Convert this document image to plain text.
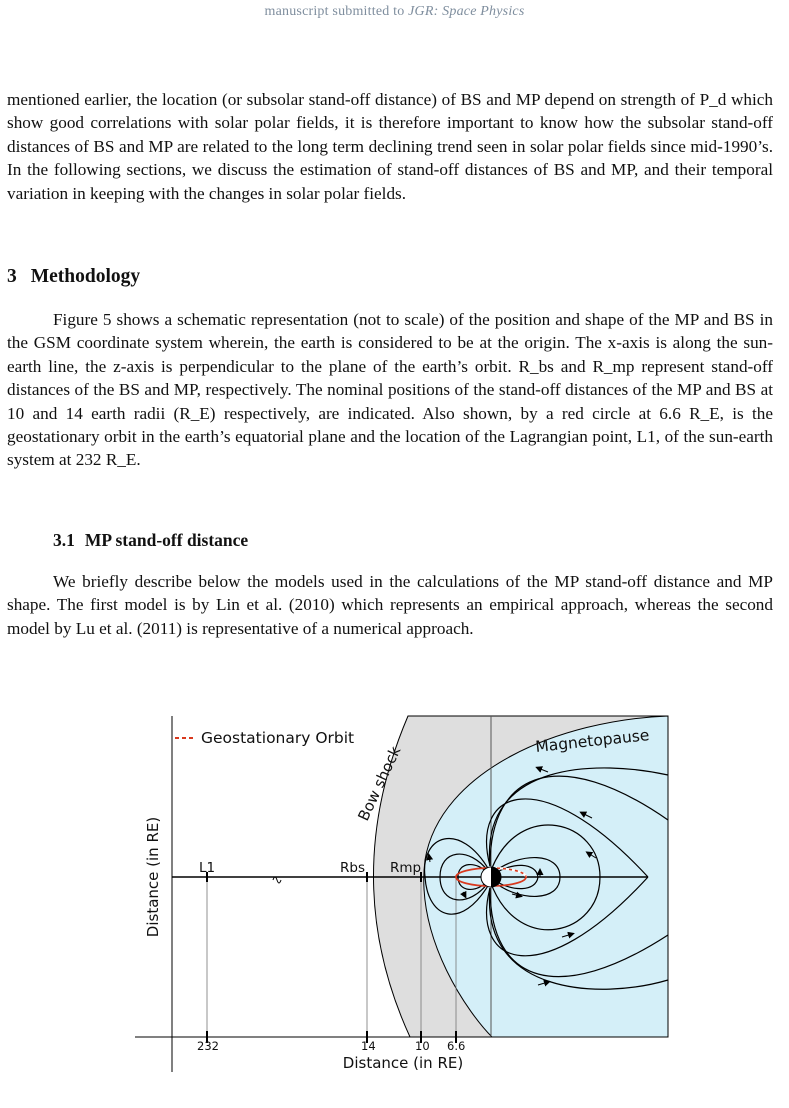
manuscript submitted to JGR: Space Physics

mentioned earlier, the location (or subsolar stand-off distance) of BS and MP depend on strength of P_d which show good correlations with solar polar fields, it is therefore important to know how the subsolar stand-off distances of BS and MP are related to the long term declining trend seen in solar polar fields since mid-1990’s. In the following sections, we discuss the estimation of stand-off distances of BS and MP, and their temporal variation in keeping with the changes in solar polar fields.

3 Methodology

Figure 5 shows a schematic representation (not to scale) of the position and shape of the MP and BS in the GSM coordinate system wherein, the earth is considered to be at the origin. The x-axis is along the sun-earth line, the z-axis is perpendicular to the plane of the earth’s orbit. R_bs and R_mp represent stand-off distances of the BS and MP, respectively. The nominal positions of the stand-off distances of the MP and BS at 10 and 14 earth radii (R_E) respectively, are indicated. Also shown, by a red circle at 6.6 R_E, is the geostationary orbit in the earth’s equatorial plane and the location of the Lagrangian point, L1, of the sun-earth system at 232 R_E.

3.1 MP stand-off distance

We briefly describe below the models used in the calculations of the MP stand-off distance and MP shape. The first model is by Lin et al. (2010) which represents an empirical approach, whereas the second model by Lu et al. (2011) is representative of a numerical approach.

Geostationary Orbit
Bow shock
Magnetopause
L1	Rbs Rmp
232	14	10 6.6
Distance (in RE)
Distance (in RE)
